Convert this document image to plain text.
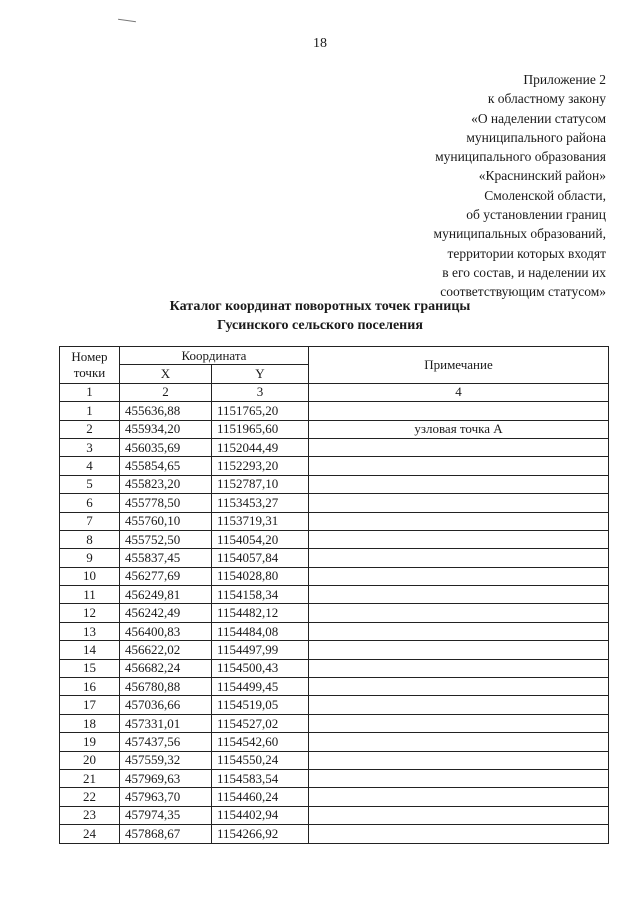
18
Приложение 2
к областному закону
«О наделении статусом
муниципального района
муниципального образования
«Краснинский район»
Смоленской области,
об установлении границ
муниципальных образований,
территории которых входят
в его состав, и наделении их
соответствующим статусом»
Каталог координат поворотных точек границы
Гусинского сельского поселения
Номер точки	Координата		Примечание
	X	Y	
1	2	3	4
1	455636,88	1151765,20	
2	455934,20	1151965,60	узловая точка А
3	456035,69	1152044,49	
4	455854,65	1152293,20	
5	455823,20	1152787,10	
6	455778,50	1153453,27	
7	455760,10	1153719,31	
8	455752,50	1154054,20	
9	455837,45	1154057,84	
10	456277,69	1154028,80	
11	456249,81	1154158,34	
12	456242,49	1154482,12	
13	456400,83	1154484,08	
14	456622,02	1154497,99	
15	456682,24	1154500,43	
16	456780,88	1154499,45	
17	457036,66	1154519,05	
18	457331,01	1154527,02	
19	457437,56	1154542,60	
20	457559,32	1154550,24	
21	457969,63	1154583,54	
22	457963,70	1154460,24	
23	457974,35	1154402,94	
24	457868,67	1154266,92	
